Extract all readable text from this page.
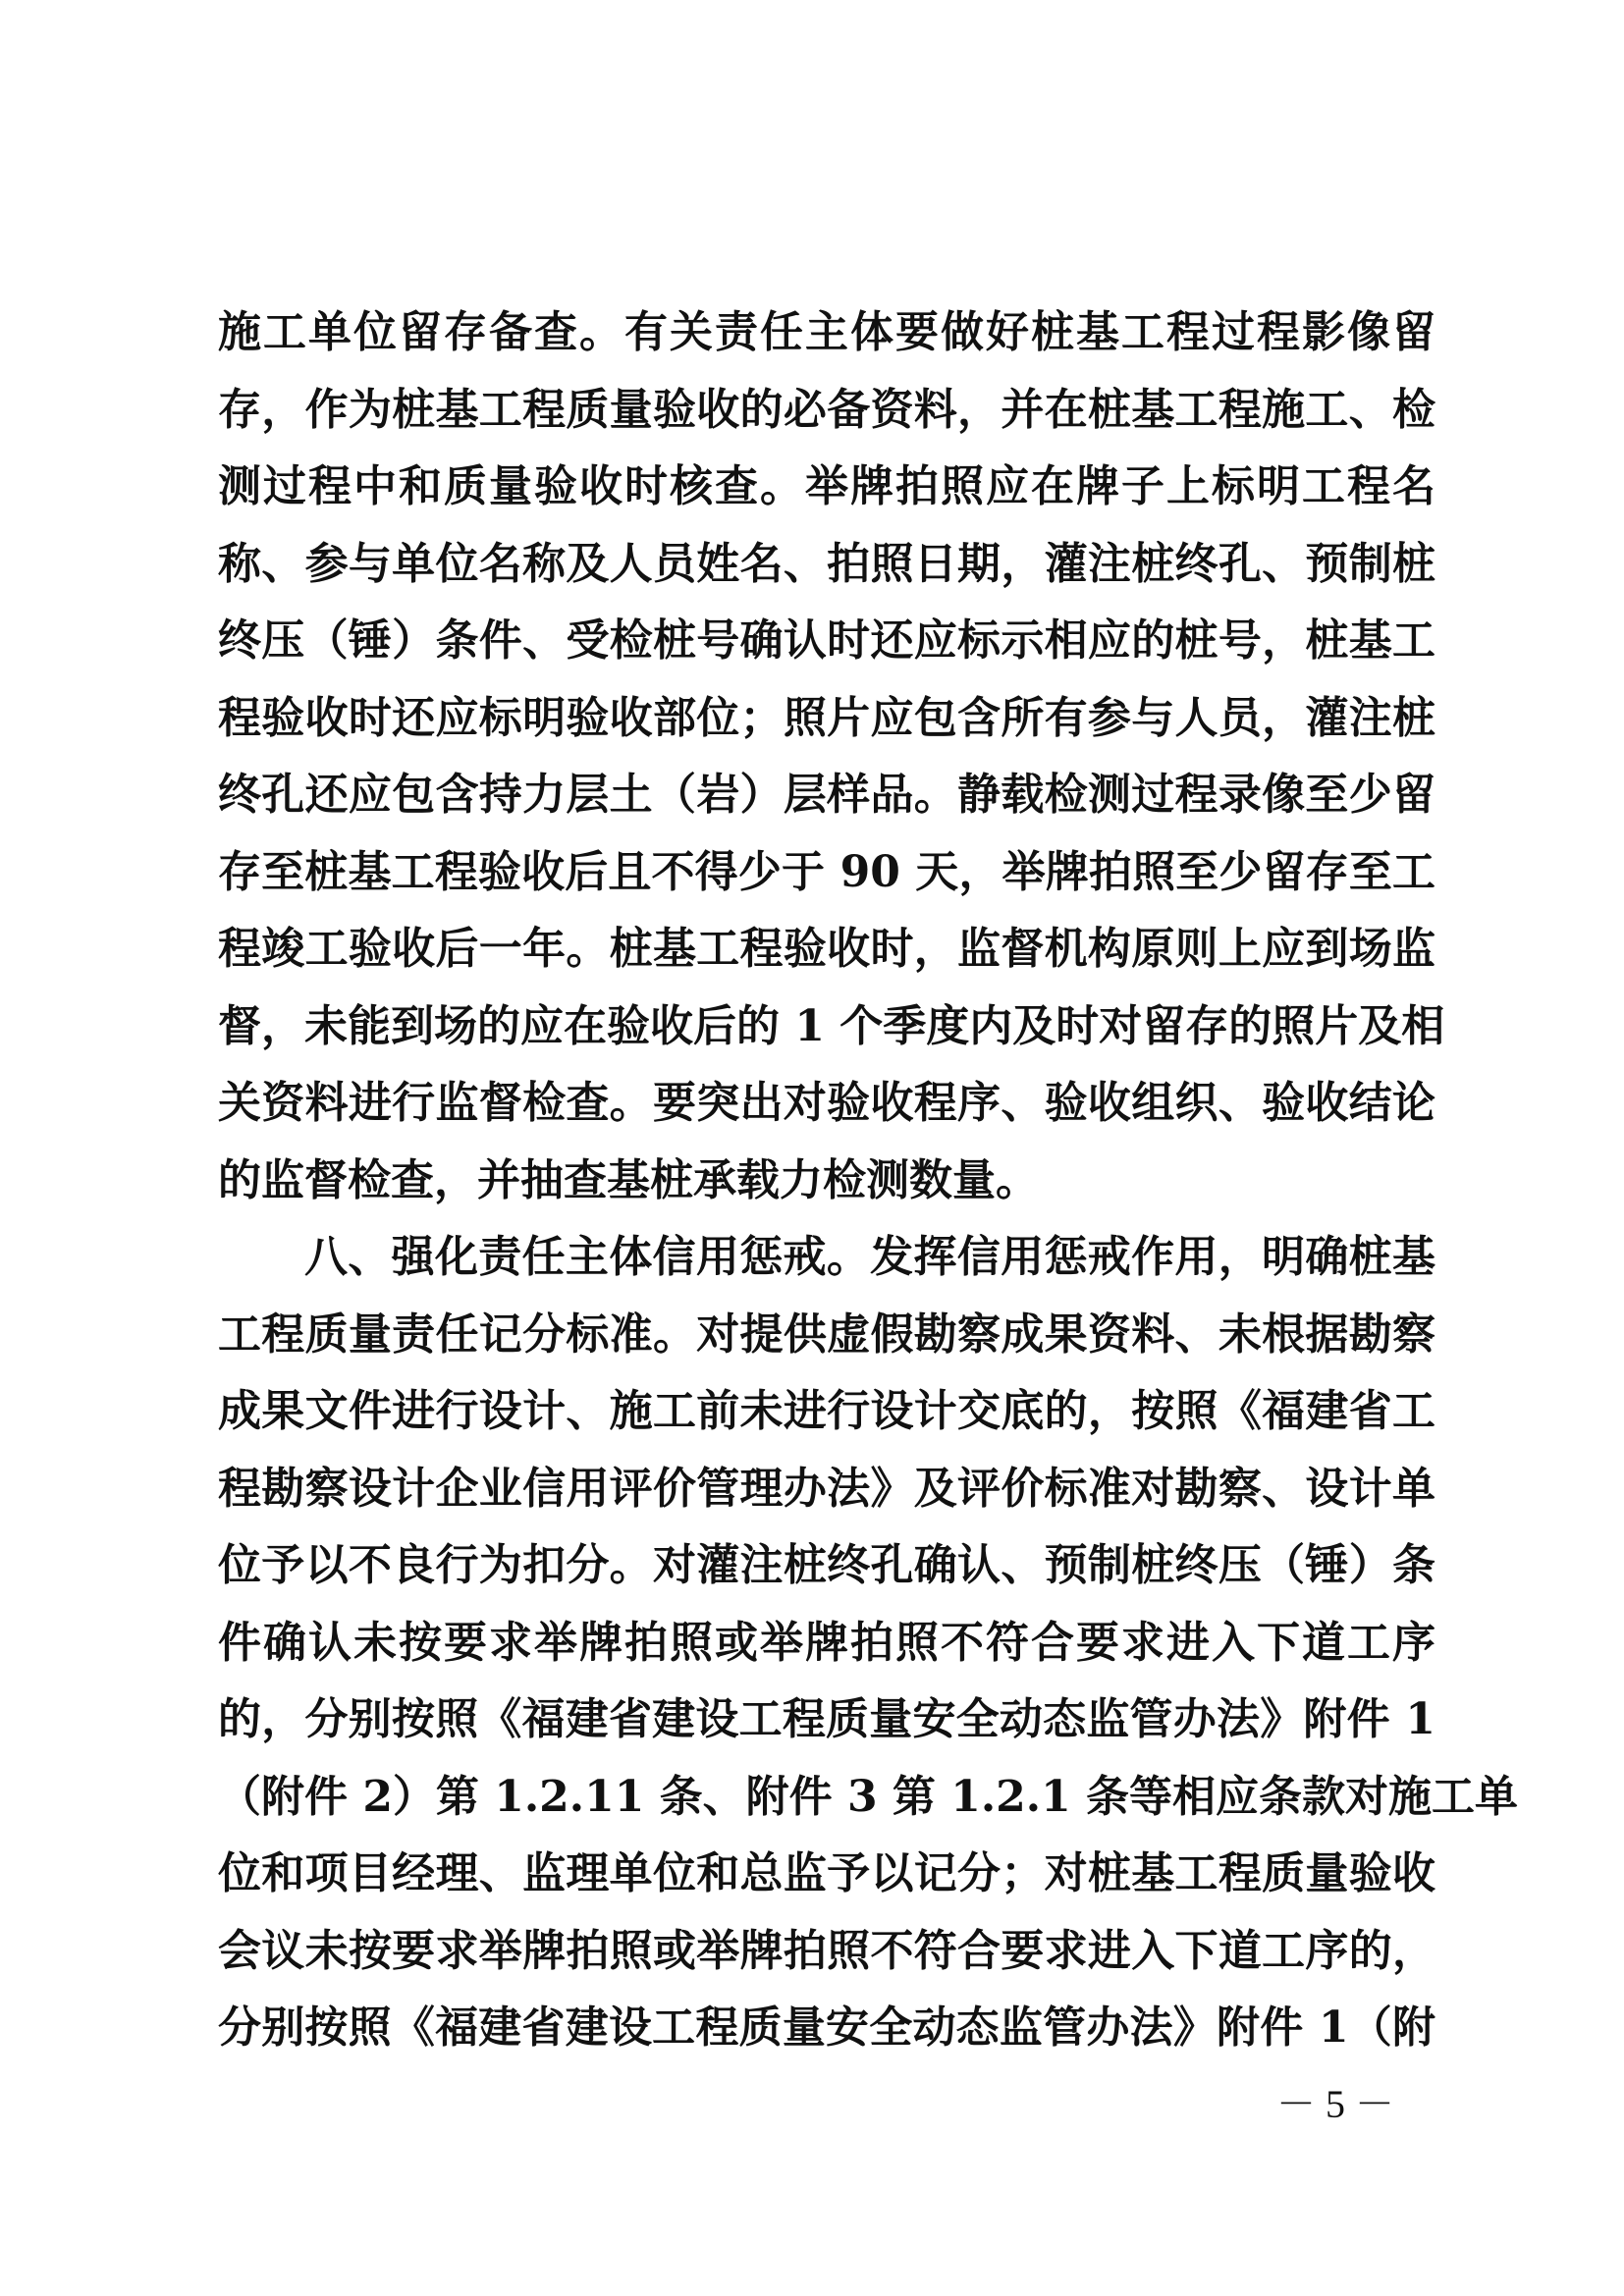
施工单位留存备查。有关责任主体要做好桩基工程过程影像留
存，作为桩基工程质量验收的必备资料，并在桩基工程施工、检
测过程中和质量验收时核查。举牌拍照应在牌子上标明工程名
称、参与单位名称及人员姓名、拍照日期，灌注桩终孔、预制桩
终压（锤）条件、受检桩号确认时还应标示相应的桩号，桩基工
程验收时还应标明验收部位；照片应包含所有参与人员，灌注桩
终孔还应包含持力层土（岩）层样品。静载检测过程录像至少留
存至桩基工程验收后且不得少于 90 天，举牌拍照至少留存至工
程竣工验收后一年。桩基工程验收时，监督机构原则上应到场监
督，未能到场的应在验收后的 1 个季度内及时对留存的照片及相
关资料进行监督检查。要突出对验收程序、验收组织、验收结论
的监督检查，并抽查基桩承载力检测数量。
八、强化责任主体信用惩戒。发挥信用惩戒作用，明确桩基
工程质量责任记分标准。对提供虚假勘察成果资料、未根据勘察
成果文件进行设计、施工前未进行设计交底的，按照《福建省工
程勘察设计企业信用评价管理办法》及评价标准对勘察、设计单
位予以不良行为扣分。对灌注桩终孔确认、预制桩终压（锤）条
件确认未按要求举牌拍照或举牌拍照不符合要求进入下道工序
的，分别按照《福建省建设工程质量安全动态监管办法》附件 1
（附件 2）第 1.2.11 条、附件 3 第 1.2.1 条等相应条款对施工单
位和项目经理、监理单位和总监予以记分；对桩基工程质量验收
会议未按要求举牌拍照或举牌拍照不符合要求进入下道工序的，
分别按照《福建省建设工程质量安全动态监管办法》附件 1（附
－ 5 －
